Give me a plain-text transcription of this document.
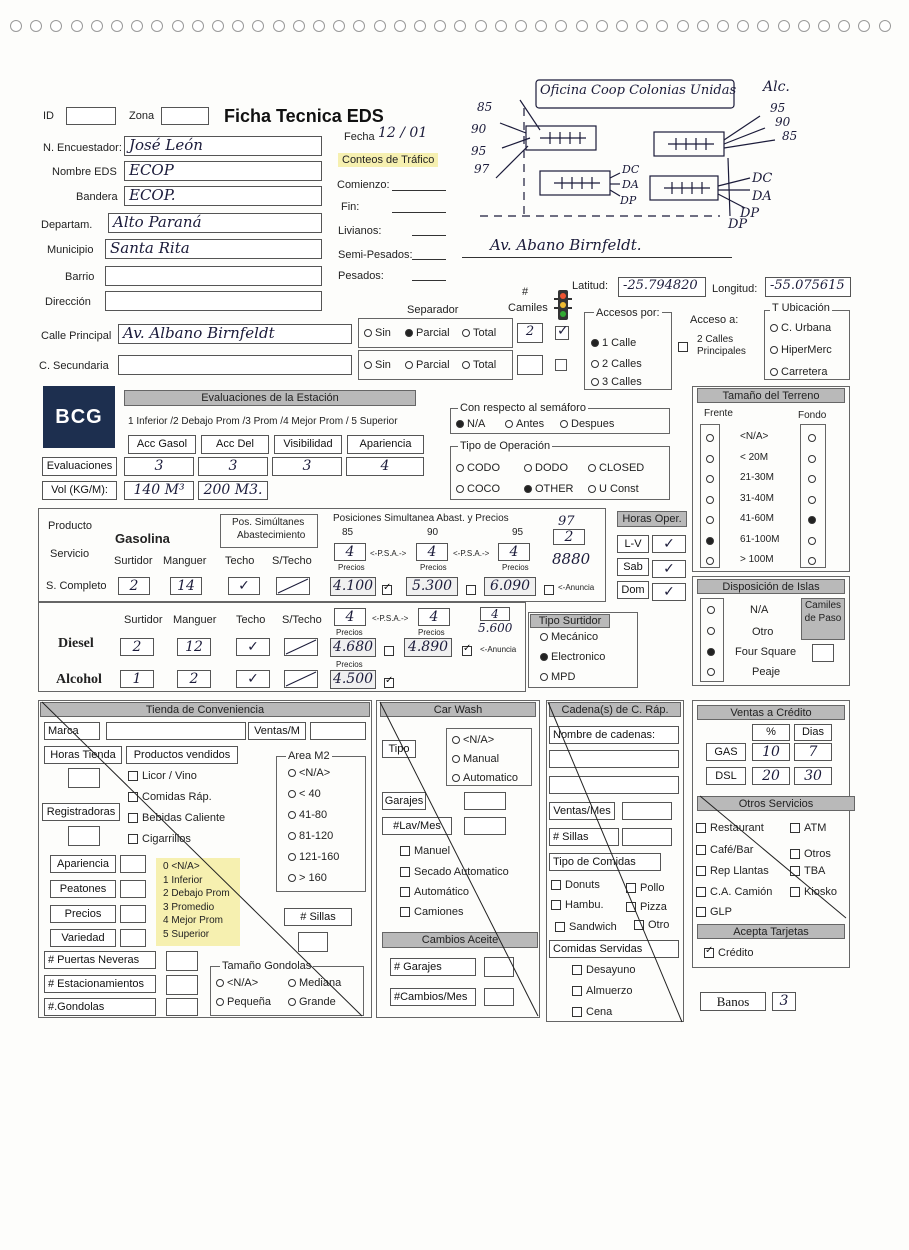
ID	Zona	Ficha Tecnica EDS
Fecha 12 / 01
N. Encuestador: José León
Nombre EDS ECOP
Bandera ECOP.
Departam.	Alto Paraná
Municipio	Santa Rita
Barrio
Dirección
Calle Principal Av. Albano Birnfeldt
C. Secundaria
Conteos de Tráfico
Comienzo:
Fin:
Livianos:
Semi-Pesados:
Pesados:
Av. Abano Birnfeldt.
Oficina Coop Colonias Unidas Alc.
95
90
85
85
90
95
97	DC
DA
DP
DC
DA
DP
DP
Latitud:	-25.794820	Longitud: -55.075615
Separador
#
Camiles
Sin	Parcial	Total	2	✓
Sin	Parcial	Total
Accesos por:
1 Calle
2 Calles
3 Calles
Acceso a:
2 Calles
Principales
T Ubicación
C. Urbana
HiperMerc
Carretera
BCG
Evaluaciones de la Estación
1 Inferior /2 Debajo Prom /3 Prom /4 Mejor Prom / 5 Superior
Acc Gasol	Acc Del	Visibilidad	Apariencia
Evaluaciones	3	3	3	4
Vol (KG/M):	140 M³	200 M3.
Con respecto al semáforo
N/A	Antes	Despues
Tipo de Operación
CODO	DODO	CLOSED
COCO	OTHER	U Const
Tamaño del Terreno
Frente	Fondo
<N/A>
< 20M
21-30M
31-40M
41-60M
61-100M
> 100M
Producto
Servicio
Gasolina
Surtidor Manguer Techo S/Techo
S. Completo	2	14	✓
Pos. Simúltanes
Abastecimiento
Posiciones Simultanea Abast. y Precios
85	90	95
97
4	<-P.S.A.->	4	<-P.S.A.->	4
2
8880
Precios	Precios	Precios
4.100 ✓	5.300	6.090	<-Anuncia
Horas Oper.
L-V	✓
Sab	✓
Dom	✓
Surtidor Manguer Techo S/Techo
Diesel	2	12	✓
4	<-P.S.A.->	4	4
5.600
Precios	Precios
4.680 4.890 ✓	<-Anuncia
Alcohol	1	2	✓
Precios
4.500
✓
Tipo Surtidor
Mecánico
Electronico
MPD
Disposición de Islas
N/A
Otro
Four Square
Peaje
Camiles de Paso
Tienda de Conveniencia
Marca	Ventas/M
Horas Tienda	Productos vendidos
Licor / Vino
Comidas Ráp.
Registradoras	Bebidas Caliente
Cigarrillos
Area M2
<N/A>
< 40
41-80
81-120
121-160
> 160
Apariencia
Peatones
Precios
Variedad
0 <N/A>
1 Inferior
2 Debajo Prom
3 Promedio
4 Mejor Prom
5 Superior
# Sillas
# Puertas Neveras
# Estacionamientos
#.Gondolas
Tamaño Gondolas
<N/A>	Mediana
Pequeña	Grande
Car Wash
Tipo
<N/A>
Manual
Automatico
Garajes
#Lav/Mes
Manuel
Secado Automatico
Automático
Camiones
Cambios Aceite
# Garajes
#Cambios/Mes
Cadena(s) de C. Ráp.
Nombre de cadenas:
Ventas/Mes
# Sillas
Tipo de Comidas
Donuts	Pollo
Hambu.	Pizza
Sandwich	Otro
Comidas Servidas
Desayuno
Almuerzo
Cena
Ventas a Crédito
%	Dias
GAS	10	7
DSL	20	30
Otros Servicios
Restaurant	ATM
Café/Bar	Otros
Rep Llantas	TBA
C.A. Camión	Kiosko
GLP
Acepta Tarjetas
✓Crédito
Banos	3
